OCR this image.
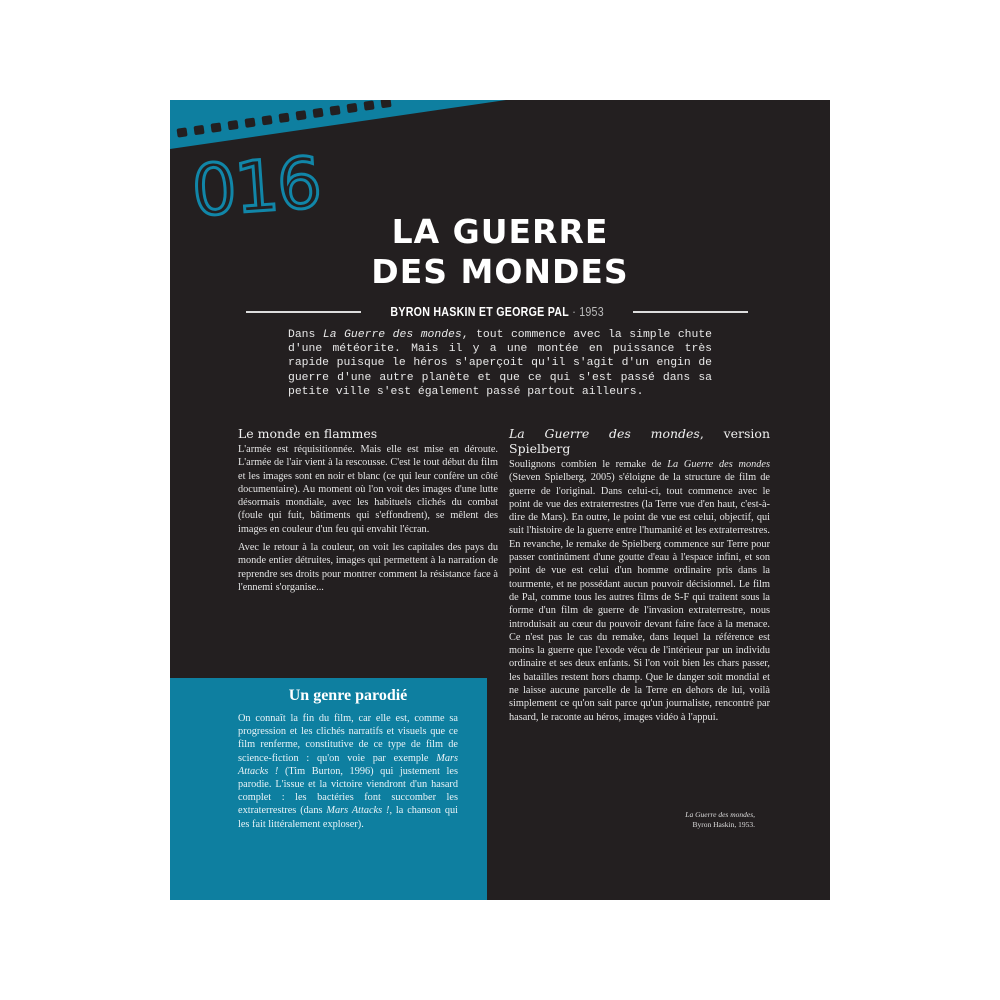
016	LA GUERRE
DES MONDES
BYRON HASKIN ET GEORGE PAL · 1953
Dans La Guerre des mondes, tout commence avec la simple chute d'une météorite. Mais il y a une montée en puissance très rapide puisque le héros s'aperçoit qu'il s'agit d'un engin de guerre d'une autre planète et que ce qui s'est passé dans sa petite ville s'est également passé partout ailleurs.
Le monde en flammes

L'armée est réquisitionnée. Mais elle est mise en déroute. L'armée de l'air vient à la rescousse. C'est le tout début du film et les images sont en noir et blanc (ce qui leur confère un côté documentaire). Au moment où l'on voit des images d'une lutte désormais mondiale, avec les habituels clichés du combat (foule qui fuit, bâtiments qui s'effondrent), se mêlent des images en couleur d'un feu qui envahit l'écran.

Avec le retour à la couleur, on voit les capitales des pays du monde entier détruites, images qui permettent à la narration de reprendre ses droits pour montrer comment la résistance face à l'ennemi s'organise...

La Guerre des mondes, version Spielberg

Soulignons combien le remake de La Guerre des mondes (Steven Spielberg, 2005) s'éloigne de la structure de film de guerre de l'original. Dans celui-ci, tout commence avec le point de vue des extraterrestres (la Terre vue d'en haut, c'est-à-dire de Mars). En outre, le point de vue est celui, objectif, qui suit l'histoire de la guerre entre l'humanité et les extraterrestres. En revanche, le remake de Spielberg commence sur Terre pour passer continûment d'une goutte d'eau à l'espace infini, et son point de vue est celui d'un homme ordinaire pris dans la tourmente, et ne possédant aucun pouvoir décisionnel. Le film de Pal, comme tous les autres films de S-F qui traitent sous la forme d'un film de guerre de l'invasion extraterrestre, nous introduisait au cœur du pouvoir devant faire face à la menace. Ce n'est pas le cas du remake, dans lequel la référence est moins la guerre que l'exode vécu de l'intérieur par un individu ordinaire et ses deux enfants. Si l'on voit bien les chars passer, les batailles restent hors champ. Que le danger soit mondial et ne laisse aucune parcelle de la Terre en dehors de lui, voilà simplement ce qu'on sait parce qu'un journaliste, rencontré par hasard, le raconte au héros, images vidéo à l'appui.

Un genre parodié

On connaît la fin du film, car elle est, comme sa progression et les clichés narratifs et visuels que ce film renferme, constitutive de ce type de film de science-fiction : qu'on voie par exemple Mars Attacks ! (Tim Burton, 1996) qui justement les parodie. L'issue et la victoire viendront d'un hasard complet : les bactéries font succomber les extraterrestres (dans Mars Attacks !, la chanson qui les fait littéralement exploser).

La Guerre des mondes,
Byron Haskin, 1953.
